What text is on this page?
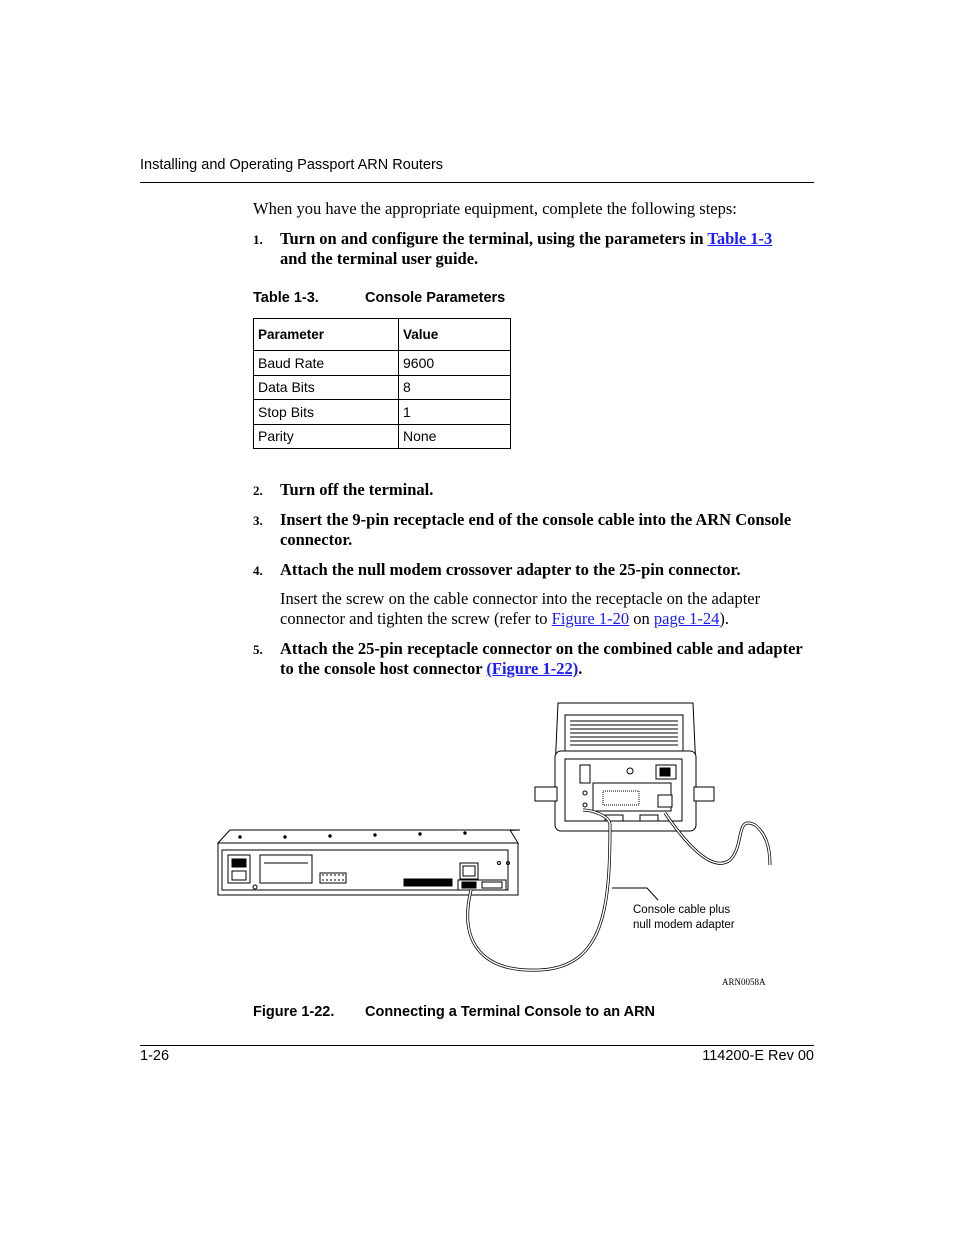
Installing and Operating Passport ARN Routers
When you have the appropriate equipment, complete the following steps:
1. Turn on and configure the terminal, using the parameters in Table 1-3
and the terminal user guide.
Table 1-3.	Console Parameters
Parameter	Value
Baud Rate	9600
Data Bits	8
Stop Bits	1
Parity	None
2. Turn off the terminal.
3. Insert the 9-pin receptacle end of the console cable into the ARN Console connector.
4. Attach the null modem crossover adapter to the 25-pin connector.
Insert the screw on the cable connector into the receptacle on the adapter connector and tighten the screw (refer to Figure 1-20 on page 1-24).
5. Attach the 25-pin receptacle connector on the combined cable and adapter to the console host connector (Figure 1-22).
Console cable plus
null modem adapter
ARN0058A
Figure 1-22. Connecting a Terminal Console to an ARN
1-26	114200-E Rev 00
